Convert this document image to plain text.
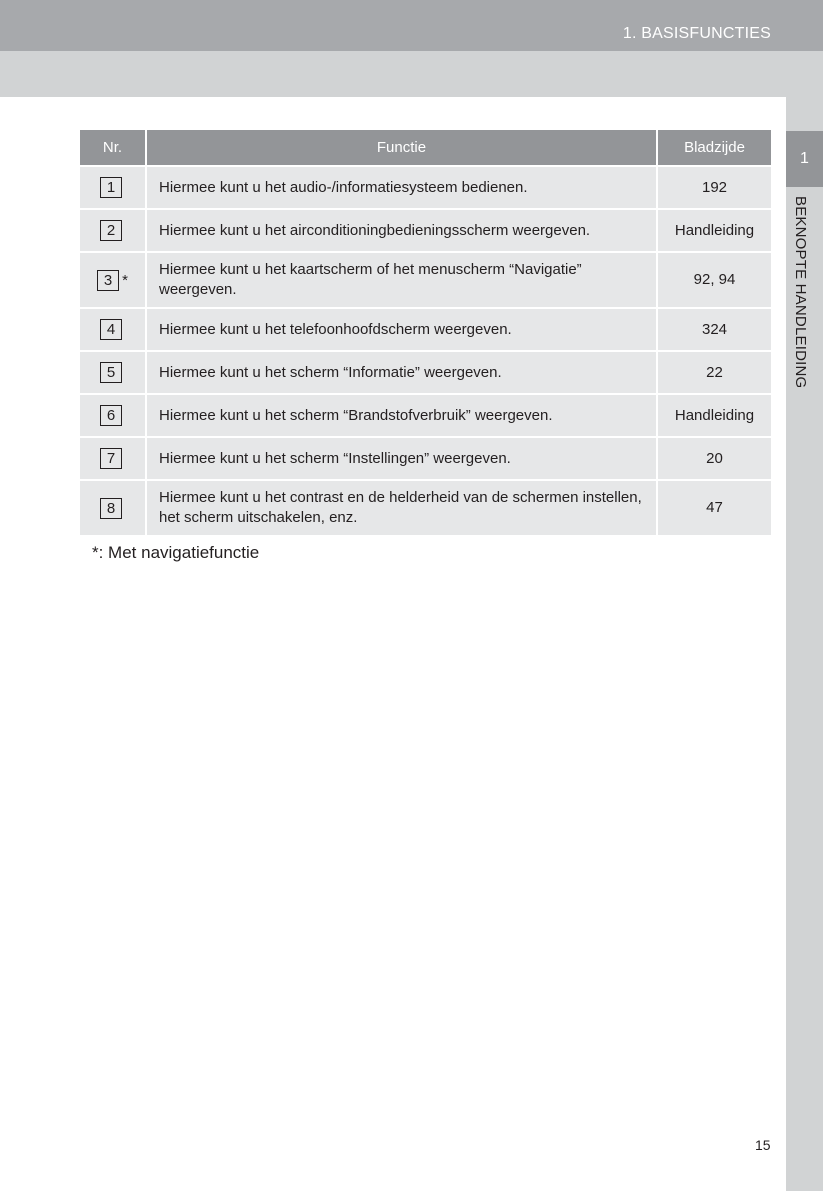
1. BASISFUNCTIES
1
BEKNOPTE HANDLEIDING
Nr.	Functie	Bladzijde
1	Hiermee kunt u het audio-/informatiesysteem bedienen.	192
2	Hiermee kunt u het airconditioningbedieningsscherm weergeven.	Handleiding
3 *	Hiermee kunt u het kaartscherm of het menuscherm “Navigatie” weergeven.	92, 94
4	Hiermee kunt u het telefoonhoofdscherm weergeven.	324
5	Hiermee kunt u het scherm “Informatie” weergeven.	22
6	Hiermee kunt u het scherm “Brandstofverbruik” weergeven.	Handleiding
7	Hiermee kunt u het scherm “Instellingen” weergeven.	20
8	Hiermee kunt u het contrast en de helderheid van de schermen instellen, het scherm uitschakelen, enz.	47
*: Met navigatiefunctie
15
